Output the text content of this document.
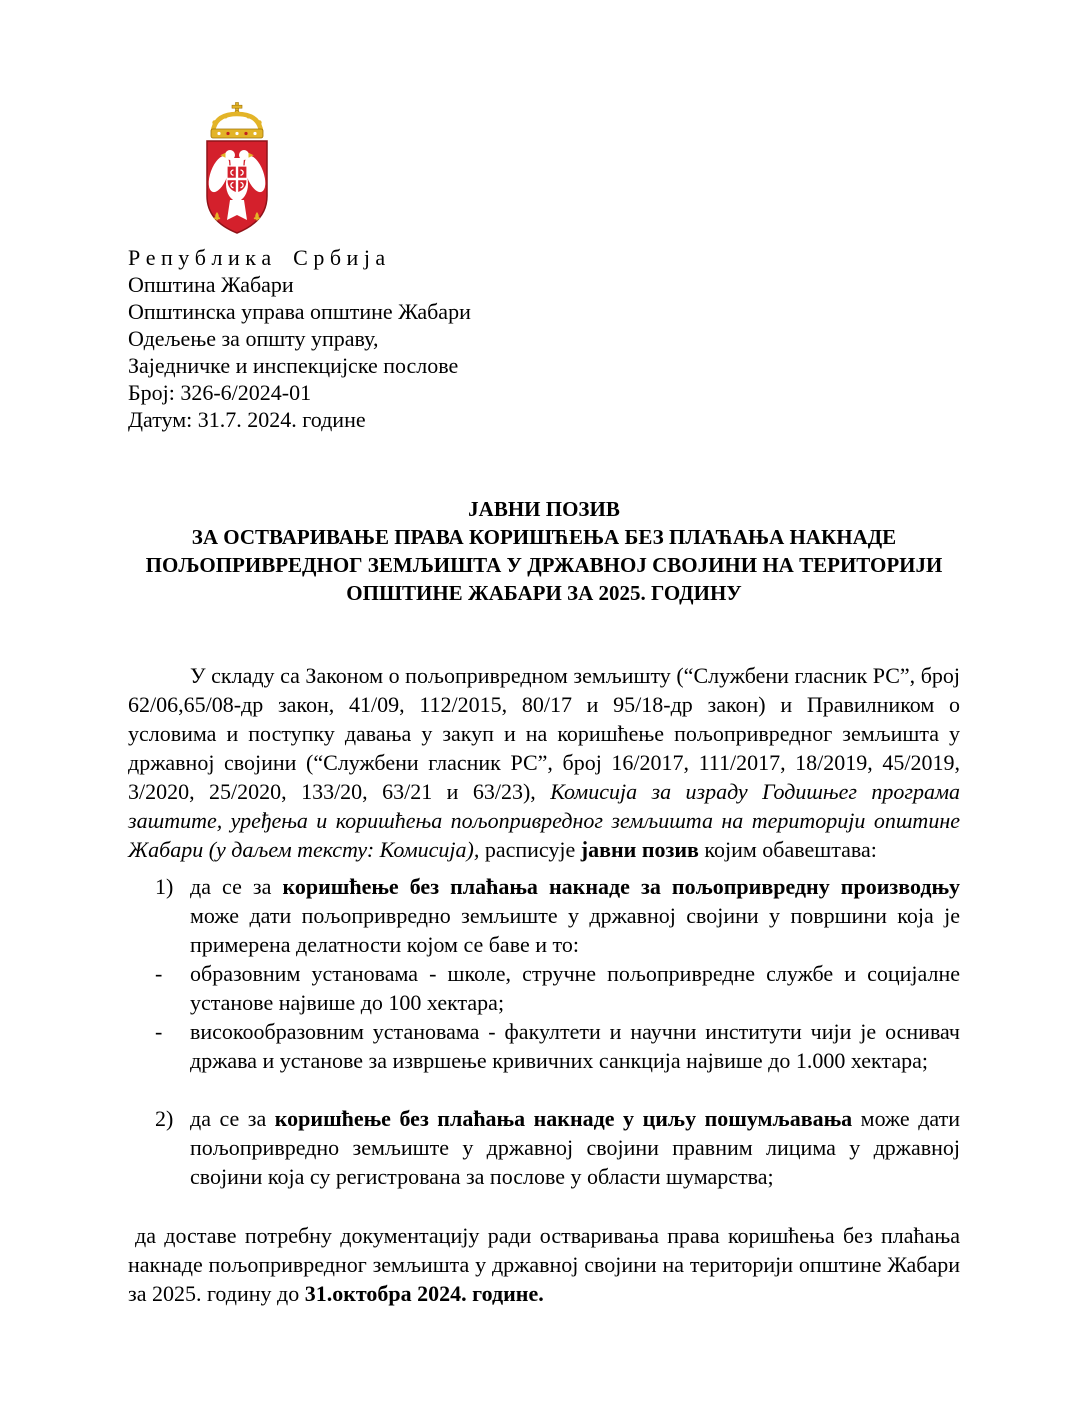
Р е п у б л и к а    С р б и ј а
Општина Жабари
Општинска управа општине Жабари
Одељење за општу управу,
Заједничке и инспекцијске послове
Број: 326-6/2024-01
Датум: 31.7. 2024. године
ЈАВНИ ПОЗИВ
ЗА ОСТВАРИВАЊЕ ПРАВА КОРИШЋЕЊА БЕЗ ПЛАЋАЊА НАКНАДЕ
ПОЉОПРИВРЕДНОГ ЗЕМЉИШТА У ДРЖАВНОЈ СВОЈИНИ НА ТЕРИТОРИЈИ
ОПШТИНЕ ЖАБАРИ ЗА 2025. ГОДИНУ

У складу са Законом о пољопривредном земљишту (“Службени гласник РС”, број 62/06,65/08-др закон, 41/09, 112/2015, 80/17 и 95/18-др закон) и Правилником о условима и поступку давања у закуп и на коришћење пољопривредног земљишта у државној својини (“Службени гласник РС”, број 16/2017, 111/2017, 18/2019, 45/2019, 3/2020, 25/2020, 133/20, 63/21 и 63/23), Комисија за израду Годишњег програма заштите, уређења и коришћења пољопривредног земљишта на територији општине Жабари (у даљем тексту: Комисија), расписује јавни позив којим обавештава:

1) да се за коришћење без плаћања накнаде за пољопривредну производњу може дати пољопривредно земљиште у државној својини у површини која је примерена делатности којом се баве и то:
-	образовним установама - школе, стручне пољопривредне службе и социјалне установе највише до 100 хектара;
-	високообразовним установама - факултети и научни институти чији је оснивач држава и установе за извршење кривичних санкција највише до 1.000 хектара;
2) да се за коришћење без плаћања накнаде у циљу пошумљавања може дати пољопривредно земљиште у државној својини правним лицима у државној својини која су регистрована за послове у области шумарства;

да доставе потребну документацију ради остваривања права коришћења без плаћања накнаде пољопривредног земљишта у државној својини на територији општине Жабари за 2025. годину до 31.октобра 2024. године.
